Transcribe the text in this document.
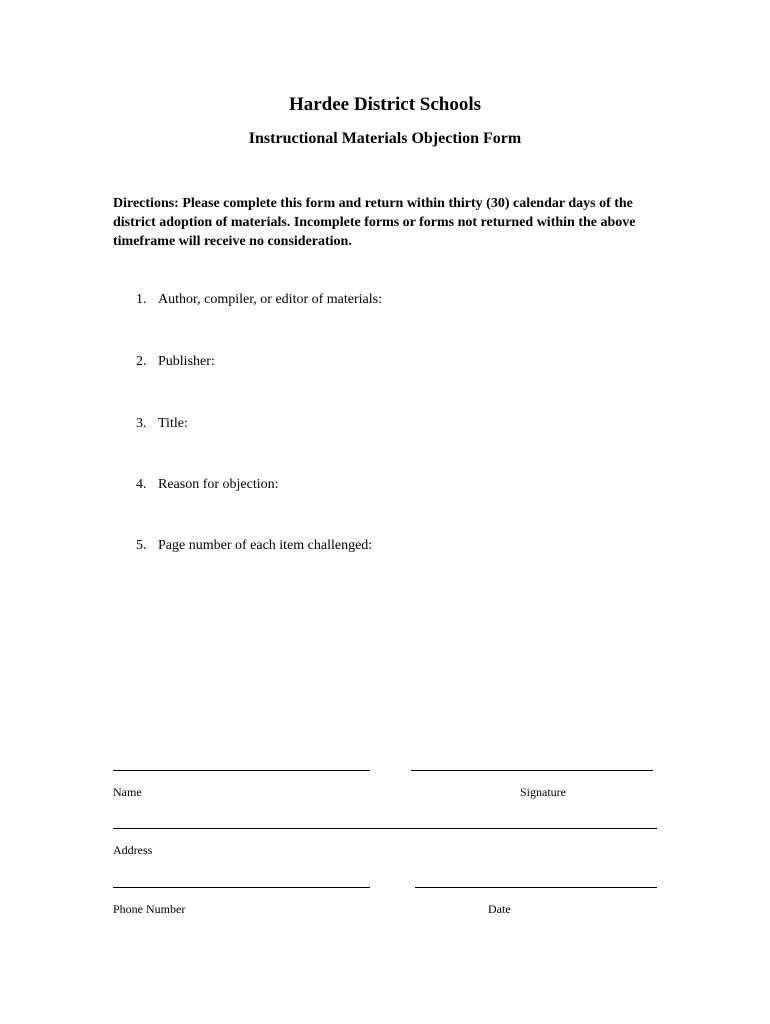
Hardee District Schools
Instructional Materials Objection Form
Directions: Please complete this form and return within thirty (30) calendar days of the district adoption of materials. Incomplete forms or forms not returned within the above timeframe will receive no consideration.
1. Author, compiler, or editor of materials:
2. Publisher:
3. Title:
4. Reason for objection:
5. Page number of each item challenged:
Name	Signature
Address
Phone Number	Date
